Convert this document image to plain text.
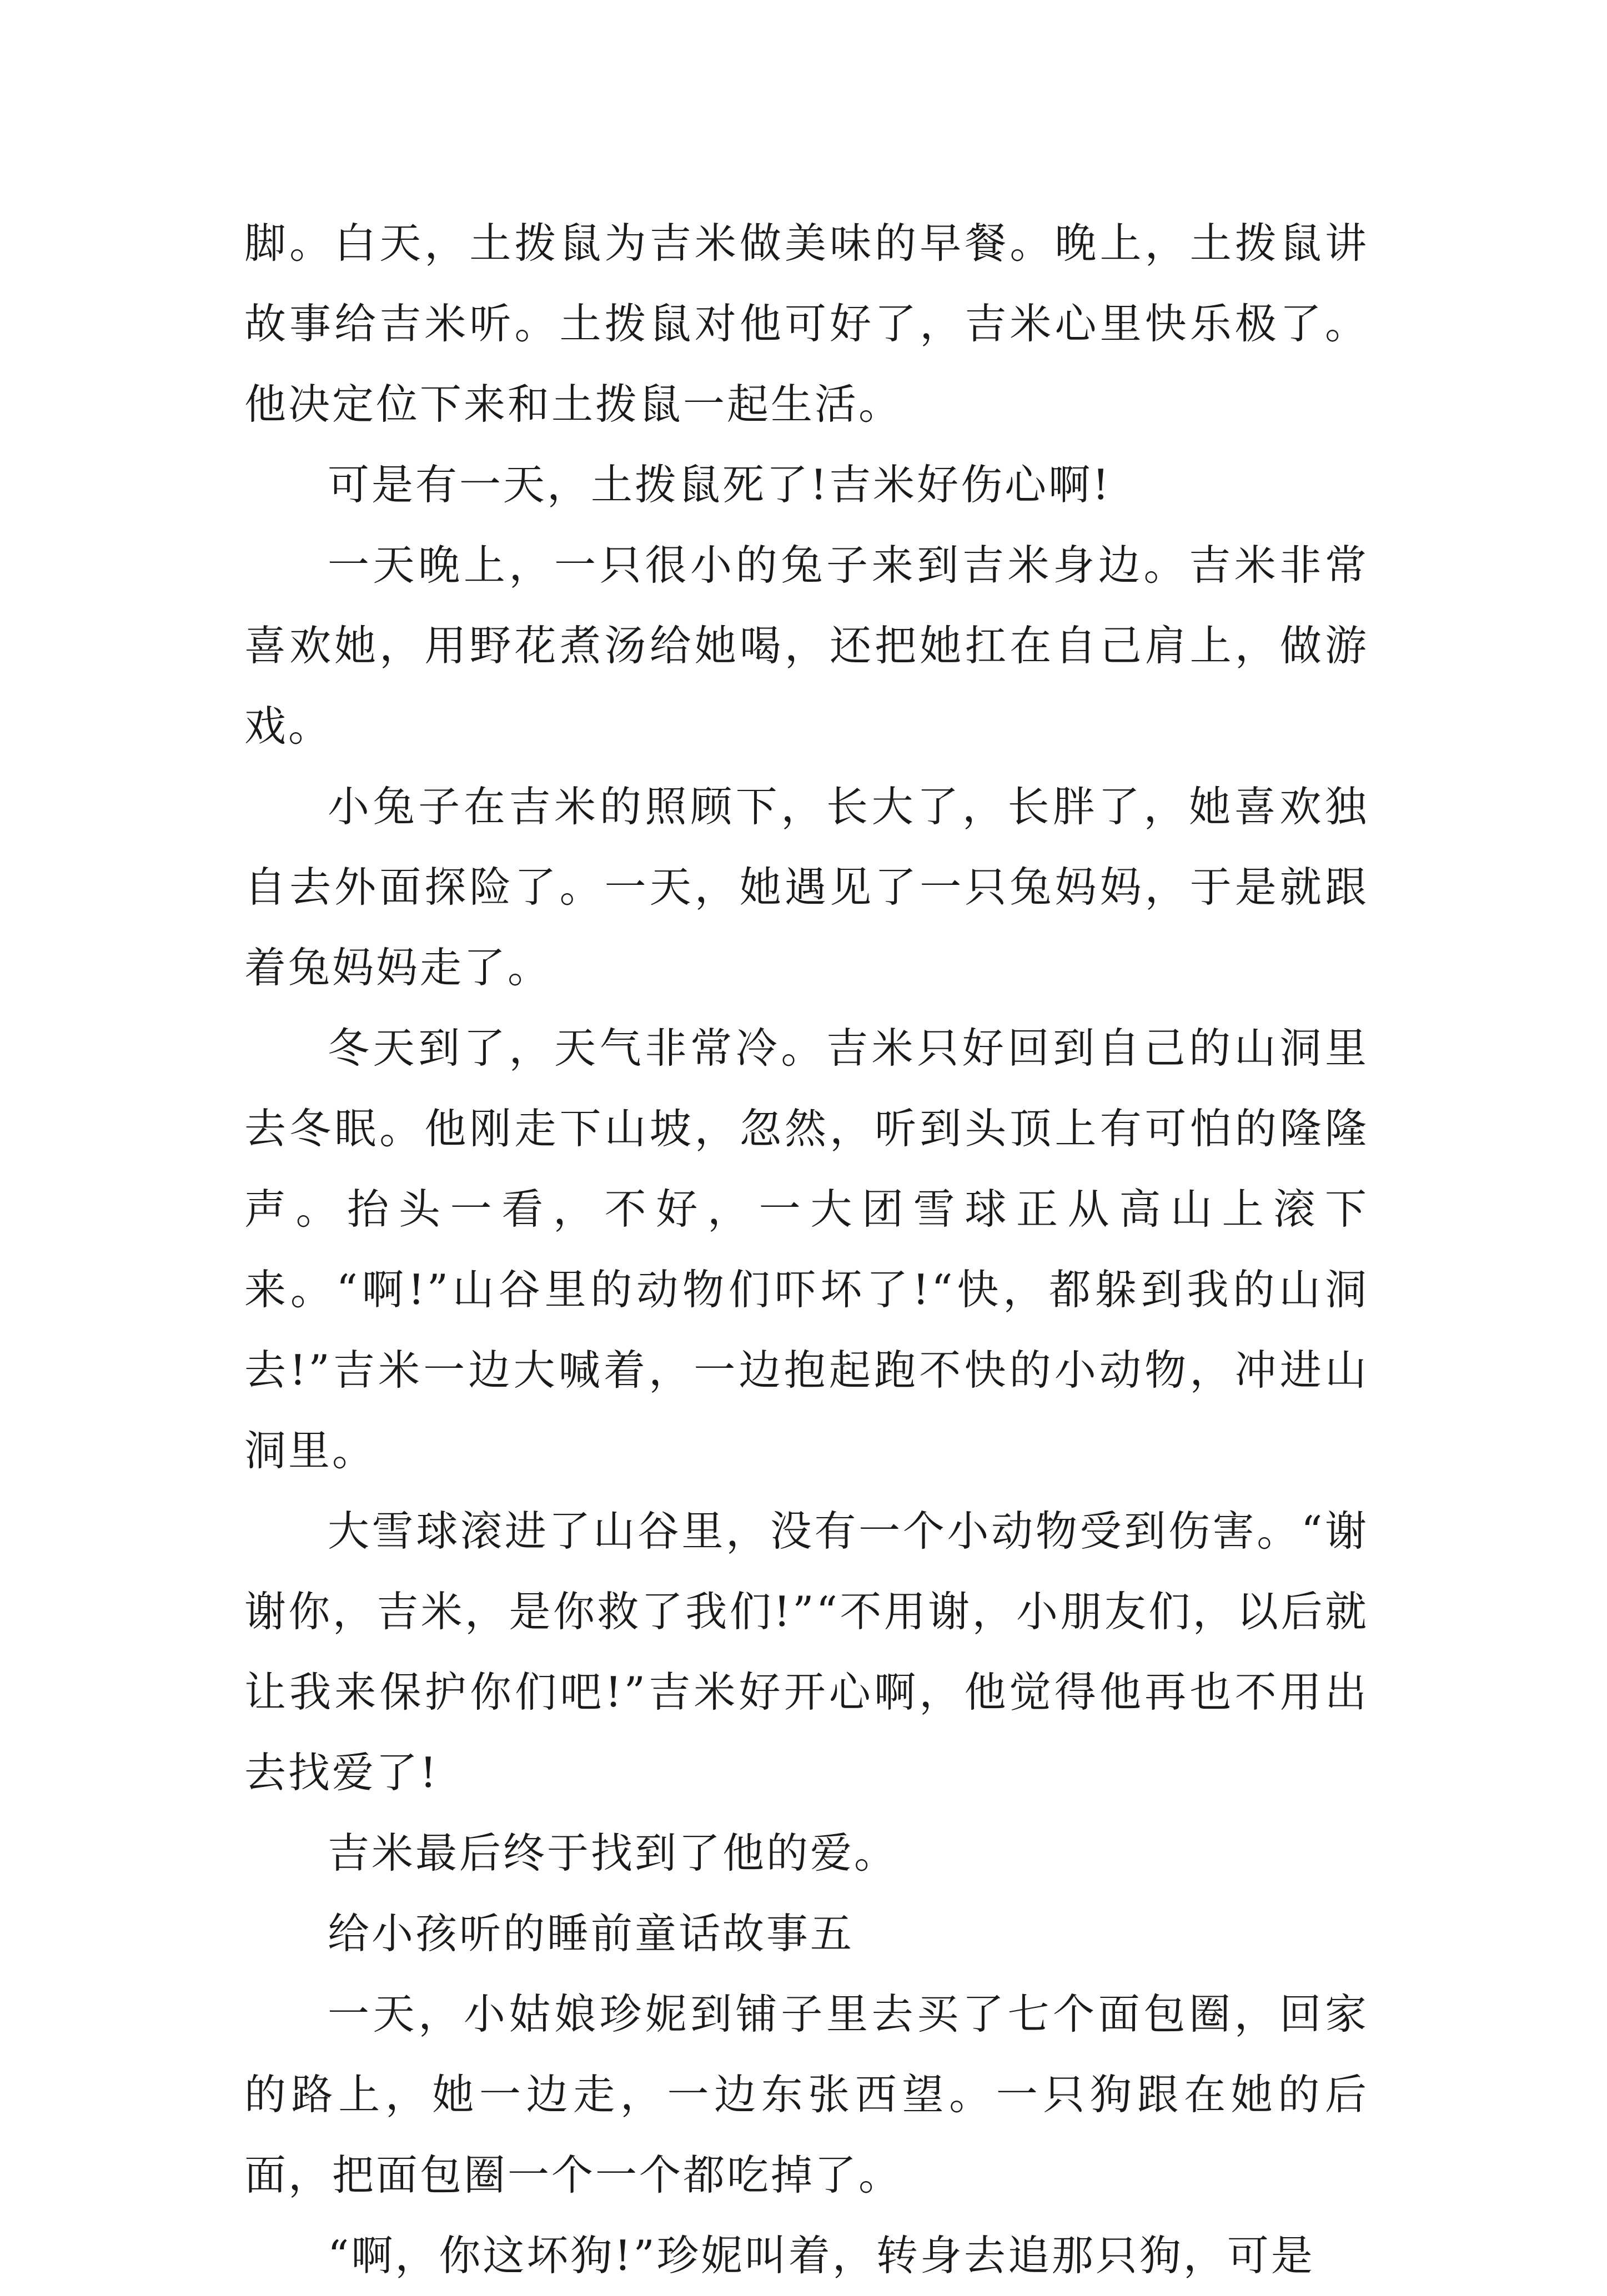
脚。白天，土拨鼠为吉米做美味的早餐。晚上，土拨鼠讲故事给吉米听。土拨鼠对他可好了，吉米心里快乐极了。他决定位下来和土拨鼠一起生活。

可是有一天，土拨鼠死了!吉米好伤心啊!

一天晚上，一只很小的兔子来到吉米身边。吉米非常喜欢她，用野花煮汤给她喝，还把她扛在自己肩上，做游戏。

小兔子在吉米的照顾下，长大了，长胖了，她喜欢独自去外面探险了。一天，她遇见了一只兔妈妈，于是就跟着兔妈妈走了。

冬天到了，天气非常冷。吉米只好回到自己的山洞里去冬眠。他刚走下山坡，忽然，听到头顶上有可怕的隆隆声。抬头一看，不好，一大团雪球正从高山上滚下来。“啊!”山谷里的动物们吓坏了!“快，都躲到我的山洞去!”吉米一边大喊着，一边抱起跑不快的小动物，冲进山洞里。

大雪球滚进了山谷里，没有一个小动物受到伤害。“谢谢你，吉米，是你救了我们!”“不用谢，小朋友们，以后就让我来保护你们吧!”吉米好开心啊，他觉得他再也不用出去找爱了!

吉米最后终于找到了他的爱。

给小孩听的睡前童话故事五

一天，小姑娘珍妮到铺子里去买了七个面包圈，回家的路上，她一边走，一边东张西望。一只狗跟在她的后面，把面包圈一个一个都吃掉了。

“啊，你这坏狗!”珍妮叫着，转身去追那只狗，可是
